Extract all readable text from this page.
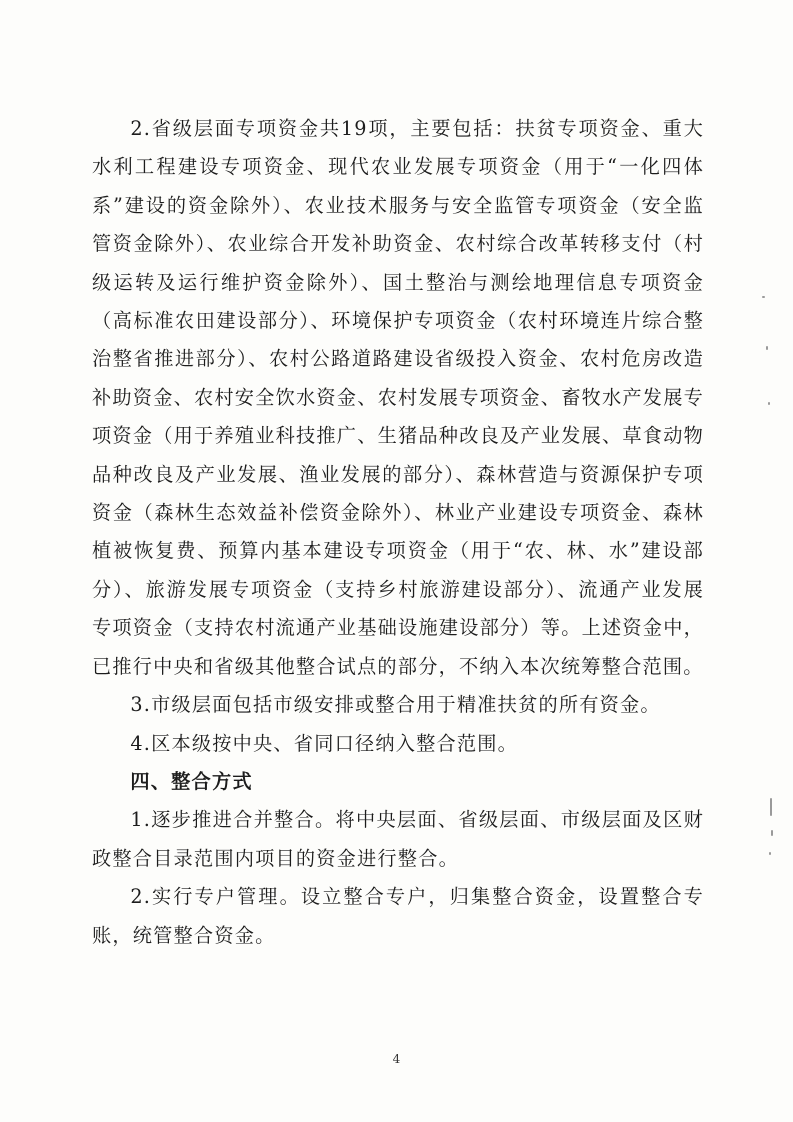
2.省级层面专项资金共19项，主要包括：扶贫专项资金、重大水利工程建设专项资金、现代农业发展专项资金（用于“一化四体系”建设的资金除外）、农业技术服务与安全监管专项资金（安全监管资金除外）、农业综合开发补助资金、农村综合改革转移支付（村级运转及运行维护资金除外）、国土整治与测绘地理信息专项资金（高标准农田建设部分）、环境保护专项资金（农村环境连片综合整治整省推进部分）、农村公路道路建设省级投入资金、农村危房改造补助资金、农村安全饮水资金、农村发展专项资金、畜牧水产发展专项资金（用于养殖业科技推广、生猪品种改良及产业发展、草食动物品种改良及产业发展、渔业发展的部分）、森林营造与资源保护专项资金（森林生态效益补偿资金除外）、林业产业建设专项资金、森林植被恢复费、预算内基本建设专项资金（用于“农、林、水”建设部分）、旅游发展专项资金（支持乡村旅游建设部分）、流通产业发展专项资金（支持农村流通产业基础设施建设部分）等。上述资金中，已推行中央和省级其他整合试点的部分，不纳入本次统筹整合范围。

3.市级层面包括市级安排或整合用于精准扶贫的所有资金。

4.区本级按中央、省同口径纳入整合范围。

四、整合方式

1.逐步推进合并整合。将中央层面、省级层面、市级层面及区财政整合目录范围内项目的资金进行整合。

2.实行专户管理。设立整合专户，归集整合资金，设置整合专账，统管整合资金。

4
